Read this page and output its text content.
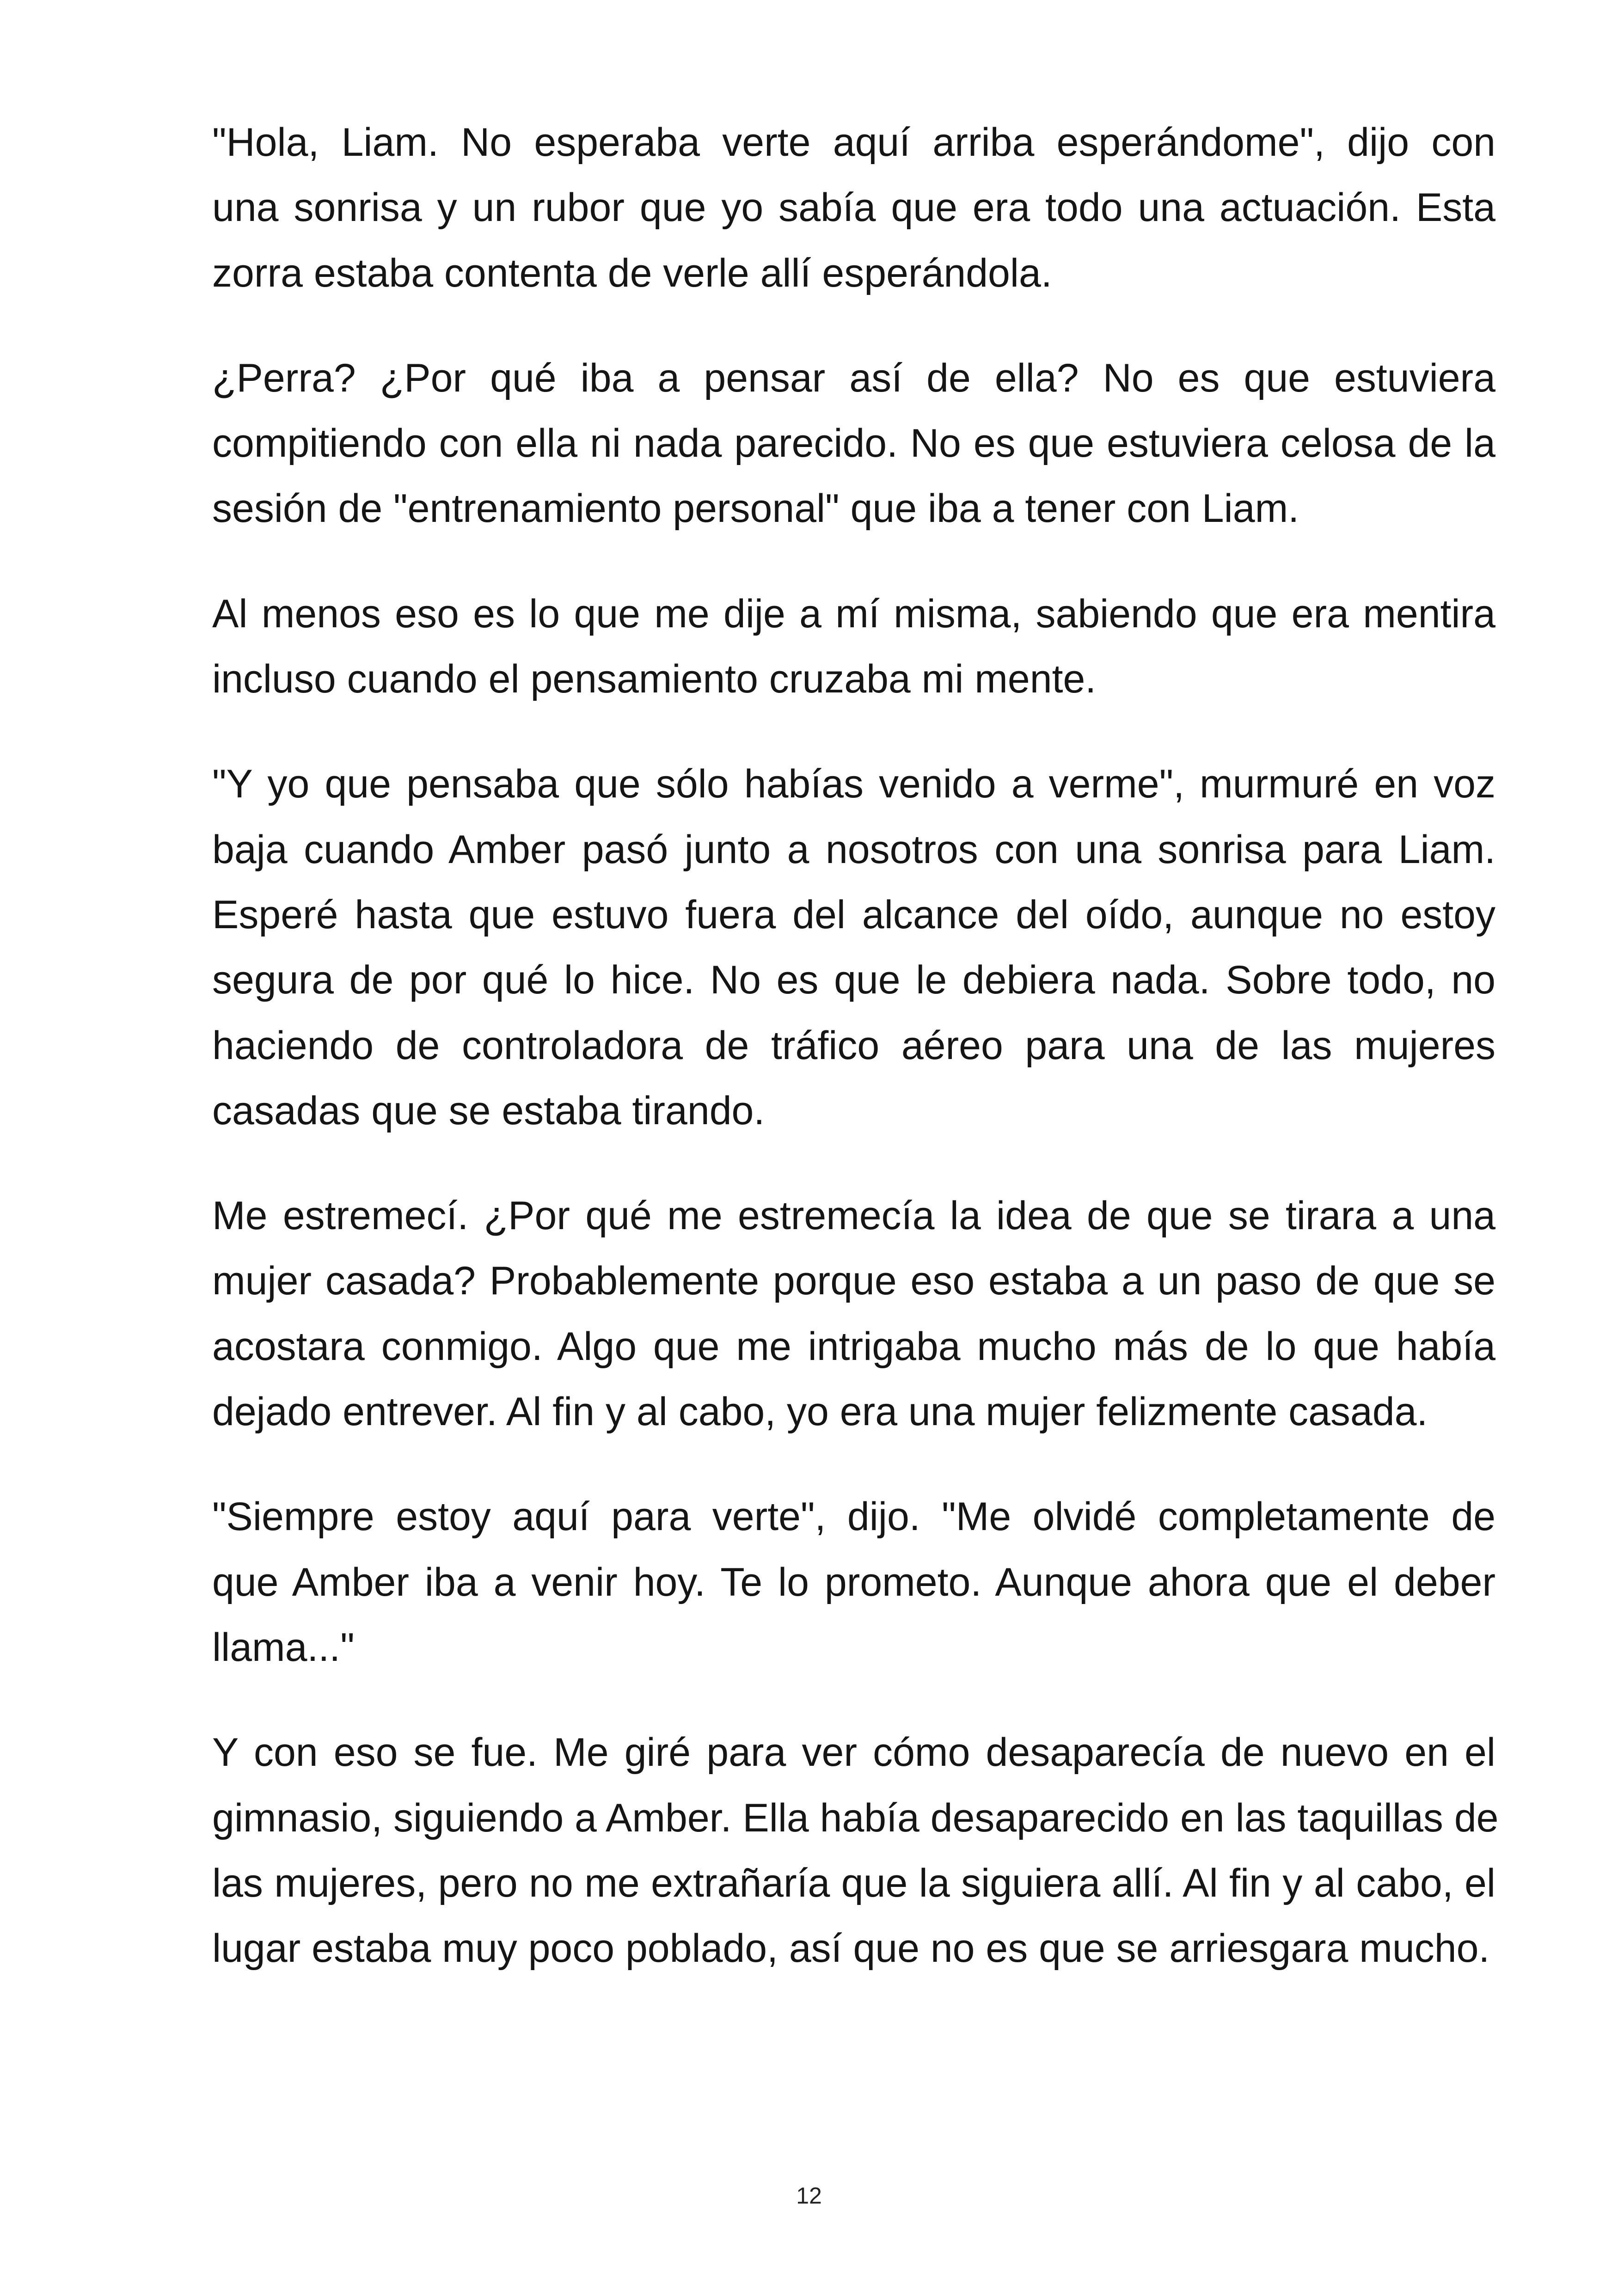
"Hola, Liam. No esperaba verte aquí arriba esperándome", dijo con
una sonrisa y un rubor que yo sabía que era todo una actuación. Esta
zorra estaba contenta de verle allí esperándola.

¿Perra? ¿Por qué iba a pensar así de ella? No es que estuviera
compitiendo con ella ni nada parecido. No es que estuviera celosa de la
sesión de "entrenamiento personal" que iba a tener con Liam.

Al menos eso es lo que me dije a mí misma, sabiendo que era mentira
incluso cuando el pensamiento cruzaba mi mente.

"Y yo que pensaba que sólo habías venido a verme", murmuré en voz
baja cuando Amber pasó junto a nosotros con una sonrisa para Liam.
Esperé hasta que estuvo fuera del alcance del oído, aunque no estoy
segura de por qué lo hice. No es que le debiera nada. Sobre todo, no
haciendo de controladora de tráfico aéreo para una de las mujeres
casadas que se estaba tirando.

Me estremecí. ¿Por qué me estremecía la idea de que se tirara a una
mujer casada? Probablemente porque eso estaba a un paso de que se
acostara conmigo. Algo que me intrigaba mucho más de lo que había
dejado entrever. Al fin y al cabo, yo era una mujer felizmente casada.

"Siempre estoy aquí para verte", dijo. "Me olvidé completamente de
que Amber iba a venir hoy. Te lo prometo. Aunque ahora que el deber
llama..."

Y con eso se fue. Me giré para ver cómo desaparecía de nuevo en el
gimnasio, siguiendo a Amber. Ella había desaparecido en las taquillas de
las mujeres, pero no me extrañaría que la siguiera allí. Al fin y al cabo, el
lugar estaba muy poco poblado, así que no es que se arriesgara mucho.

12
